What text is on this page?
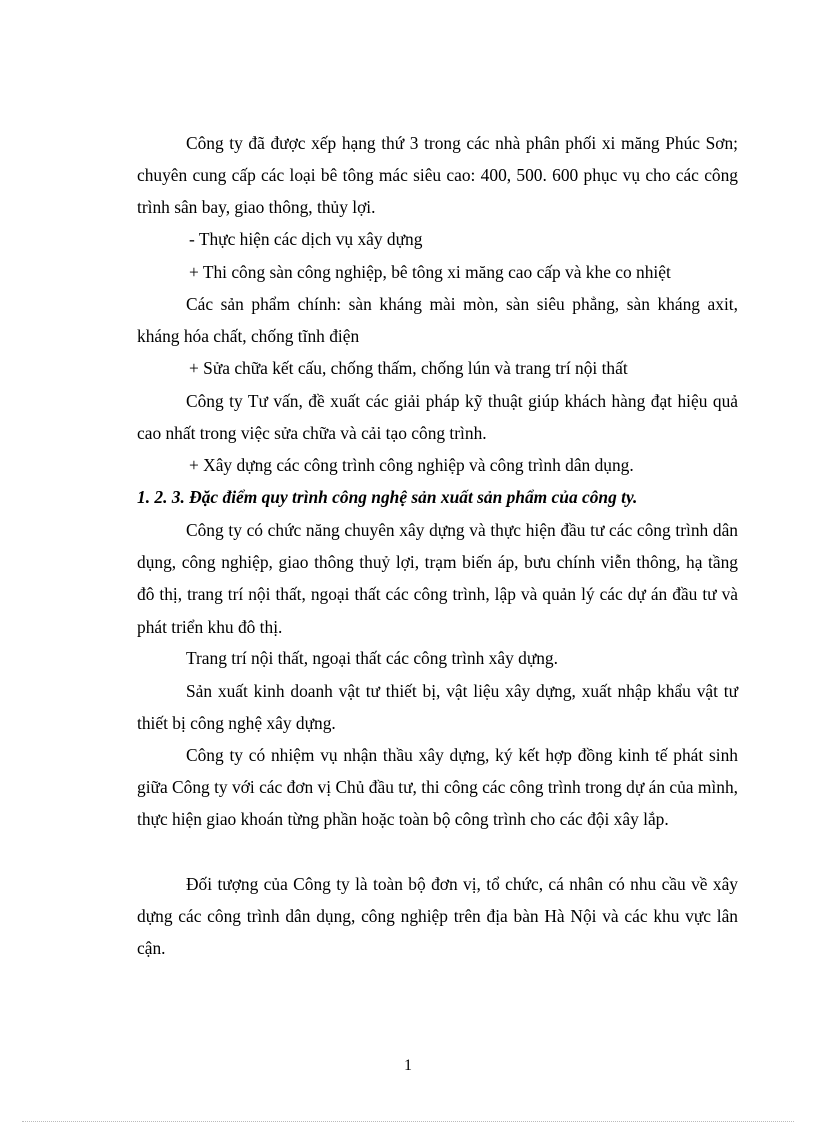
Công ty đã được xếp hạng thứ 3 trong các nhà phân phối xi măng Phúc Sơn; chuyên cung cấp các loại bê tông mác siêu cao: 400, 500. 600 phục vụ cho các công trình sân bay, giao thông, thủy lợi.

- Thực hiện các dịch vụ xây dựng

+ Thi công sàn công nghiệp, bê tông xi măng cao cấp và khe co nhiệt

Các sản phẩm chính: sàn kháng mài mòn, sàn siêu phẳng, sàn kháng axit, kháng hóa chất, chống tĩnh điện

+ Sửa chữa kết cấu, chống thấm, chống lún và trang trí nội thất

Công ty Tư vấn, đề xuất các giải pháp kỹ thuật giúp khách hàng đạt hiệu quả cao nhất trong việc sửa chữa và cải tạo công trình.

+ Xây dựng các công trình công nghiệp và công trình dân dụng.

1. 2. 3. Đặc điểm quy trình công nghệ sản xuất sản phẩm của công ty.

Công ty có chức năng chuyên xây dựng và thực hiện đầu tư các công trình dân dụng, công nghiệp, giao thông thuỷ lợi, trạm biến áp, bưu chính viễn thông, hạ tầng đô thị, trang trí nội thất, ngoại thất các công trình, lập và quản lý các dự án đầu tư và phát triển khu đô thị.

Trang trí nội thất, ngoại thất các công trình xây dựng.

Sản xuất kinh doanh vật tư thiết bị, vật liệu xây dựng, xuất nhập khẩu vật tư thiết bị công nghệ xây dựng.

Công ty có nhiệm vụ nhận thầu xây dựng, ký kết hợp đồng kinh tế phát sinh giữa Công ty với các đơn vị Chủ đầu tư, thi công các công trình trong dự án của mình, thực hiện giao khoán từng phần hoặc toàn bộ công trình cho các đội xây lắp.

Đối tượng của Công ty là toàn bộ đơn vị, tổ chức, cá nhân có nhu cầu về xây dựng các công trình dân dụng, công nghiệp trên địa bàn Hà Nội và các khu vực lân cận.

1
